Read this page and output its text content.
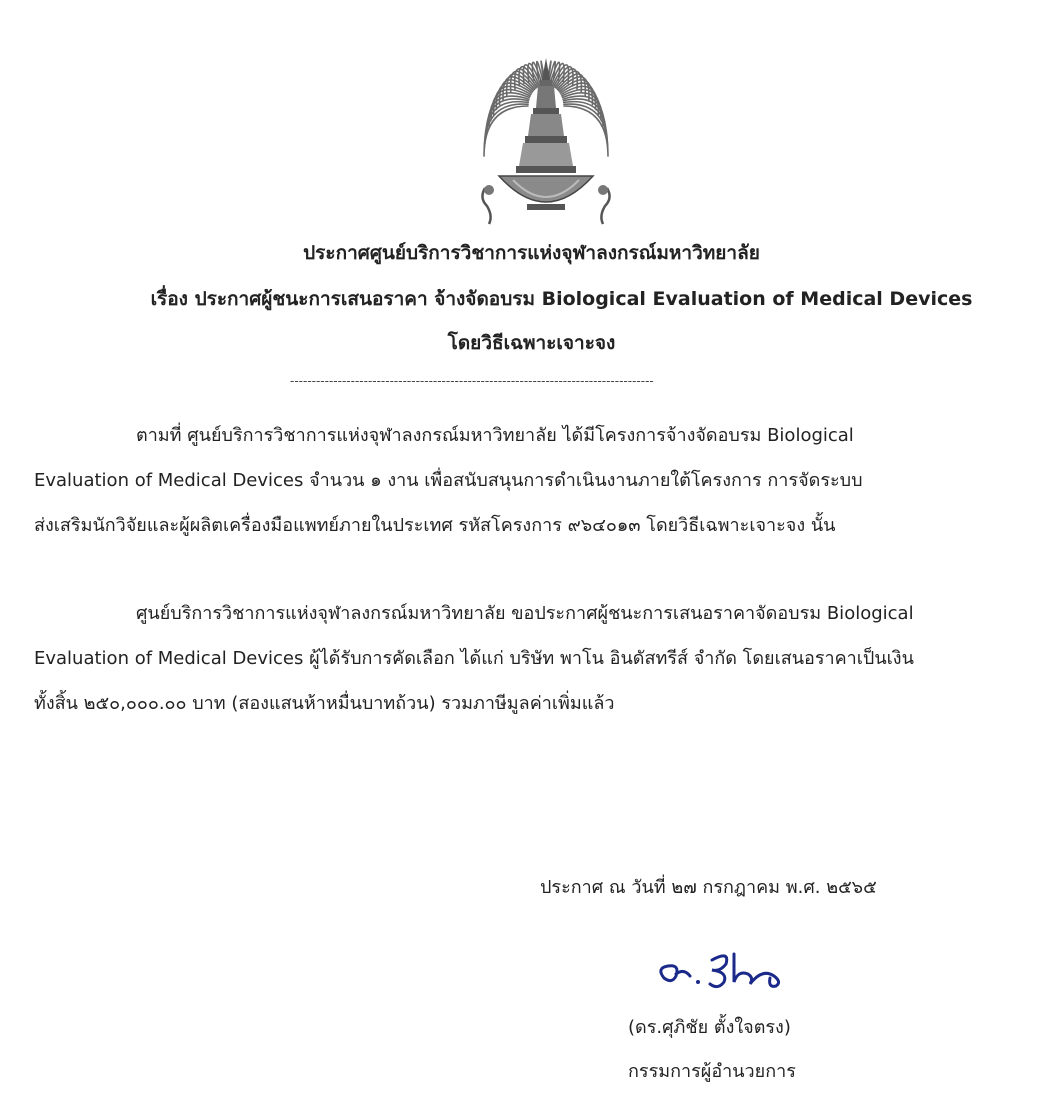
ประกาศศูนย์บริการวิชาการแห่งจุฬาลงกรณ์มหาวิทยาลัย
เรื่อง ประกาศผู้ชนะการเสนอราคา จ้างจัดอบรม Biological Evaluation of Medical Devices
โดยวิธีเฉพาะเจาะจง
------------------------------------------------------------------------------------
ตามที่ ศูนย์บริการวิชาการแห่งจุฬาลงกรณ์มหาวิทยาลัย ได้มีโครงการจ้างจัดอบรม Biological
Evaluation of Medical Devices จำนวน ๑ งาน เพื่อสนับสนุนการดำเนินงานภายใต้โครงการ การจัดระบบ
ส่งเสริมนักวิจัยและผู้ผลิตเครื่องมือแพทย์ภายในประเทศ รหัสโครงการ ๙๖๔๐๑๓ โดยวิธีเฉพาะเจาะจง นั้น
ศูนย์บริการวิชาการแห่งจุฬาลงกรณ์มหาวิทยาลัย ขอประกาศผู้ชนะการเสนอราคาจัดอบรม Biological
Evaluation of Medical Devices ผู้ได้รับการคัดเลือก ได้แก่ บริษัท พาโน อินดัสทรีส์ จำกัด โดยเสนอราคาเป็นเงิน
ทั้งสิ้น ๒๕๐,๐๐๐.๐๐ บาท (สองแสนห้าหมื่นบาทถ้วน) รวมภาษีมูลค่าเพิ่มแล้ว
ประกาศ ณ วันที่ ๒๗ กรกฎาคม พ.ศ. ๒๕๖๕
(ดร.ศุภิชัย ตั้งใจตรง)
กรรมการผู้อำนวยการ
